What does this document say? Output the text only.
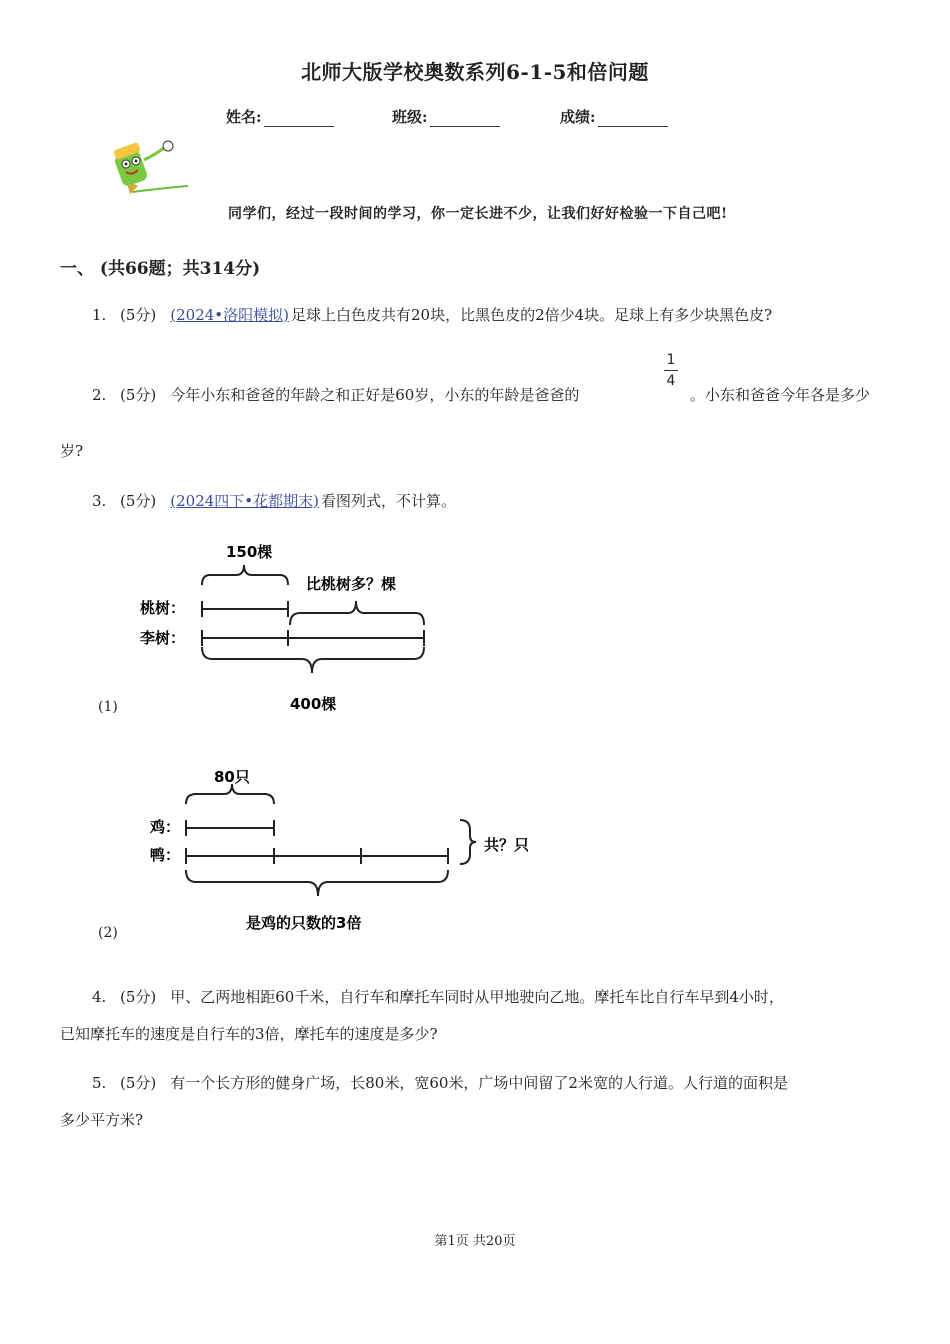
北师大版学校奥数系列6-1-5和倍问题
姓名:	班级:	成绩:
同学们，经过一段时间的学习，你一定长进不少，让我们好好检验一下自己吧!
一、 (共66题；共314分)
1. (5分) (2024•洛阳模拟) 足球上白色皮共有20块，比黑色皮的2倍少4块。足球上有多少块黑色皮?
2. (5分) 今年小东和爸爸的年龄之和正好是60岁，小东的年龄是爸爸的
1
4
。小东和爸爸今年各是多少
岁?
3. (5分) (2024四下•花都期末) 看图列式，不计算。
150棵
比桃树多？棵
桃树：
李树：
400棵
(1)
80只
鸡：
鸭：
共？只
是鸡的只数的3倍
(2)
4. (5分) 甲、乙两地相距60千米，自行车和摩托车同时从甲地驶向乙地。摩托车比自行车早到4小时，
已知摩托车的速度是自行车的3倍，摩托车的速度是多少?
5. (5分) 有一个长方形的健身广场，长80米，宽60米，广场中间留了2米宽的人行道。人行道的面积是
多少平方米?
第1页 共20页
